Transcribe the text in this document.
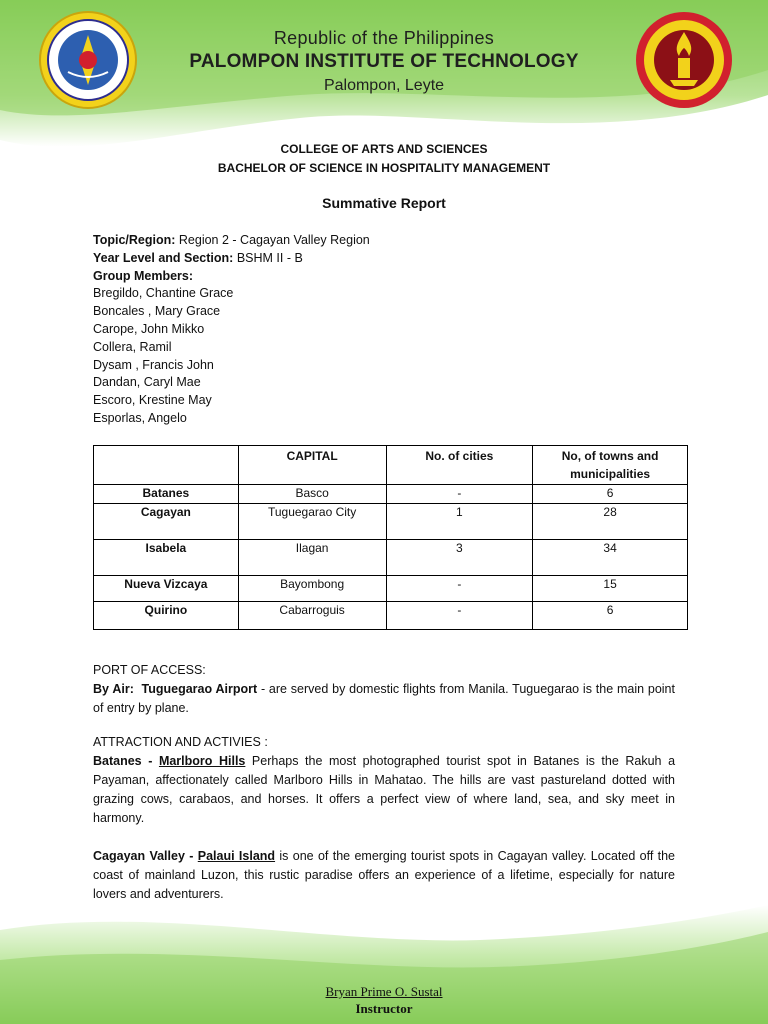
Republic of the Philippines
PALOMPON INSTITUTE OF TECHNOLOGY
Palompon, Leyte
COLLEGE OF ARTS AND SCIENCES
BACHELOR OF SCIENCE IN HOSPITALITY MANAGEMENT
Summative Report
Topic/Region: Region 2 - Cagayan Valley Region
Year Level and Section: BSHM II - B
Group Members:
Bregildo, Chantine Grace
Boncales , Mary Grace
Carope, John Mikko
Collera, Ramil
Dysam , Francis John
Dandan, Caryl Mae
Escoro, Krestine May
Esporlas, Angelo
	CAPITAL	No. of cities	No, of towns and municipalities
Batanes	Basco	-	6
Cagayan	Tuguegarao City	1	28
Isabela	Ilagan	3	34
Nueva Vizcaya	Bayombong	-	15
Quirino	Cabarroguis	-	6
PORT OF ACCESS:
By Air: Tuguegarao Airport - are served by domestic flights from Manila. Tuguegarao is the main point of entry by plane.
ATTRACTION AND ACTIVIES :
Batanes - Marlboro Hills Perhaps the most photographed tourist spot in Batanes is the Rakuh a Payaman, affectionately called Marlboro Hills in Mahatao. The hills are vast pastureland dotted with grazing cows, carabaos, and horses. It offers a perfect view of where land, sea, and sky meet in harmony.
Cagayan Valley - Palaui Island is one of the emerging tourist spots in Cagayan valley. Located off the coast of mainland Luzon, this rustic paradise offers an experience of a lifetime, especially for nature lovers and adventurers.
Bryan Prime O. Sustal
Instructor
